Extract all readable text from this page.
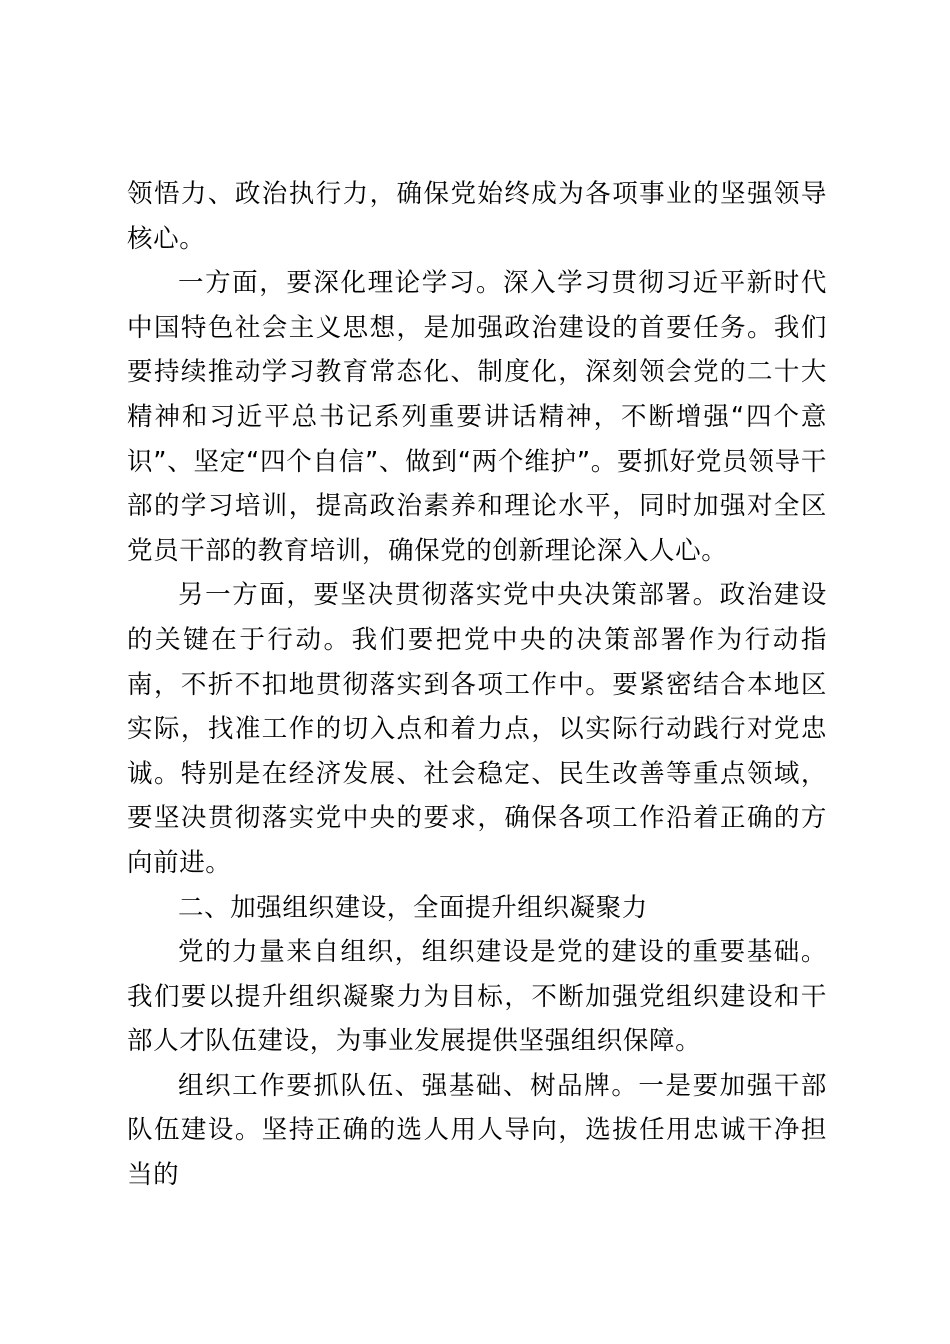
领悟力、政治执行力，确保党始终成为各项事业的坚强领导核心。

一方面，要深化理论学习。深入学习贯彻习近平新时代中国特色社会主义思想，是加强政治建设的首要任务。我们要持续推动学习教育常态化、制度化，深刻领会党的二十大精神和习近平总书记系列重要讲话精神，不断增强“四个意识”、坚定“四个自信”、做到“两个维护”。要抓好党员领导干部的学习培训，提高政治素养和理论水平，同时加强对全区党员干部的教育培训，确保党的创新理论深入人心。

另一方面，要坚决贯彻落实党中央决策部署。政治建设的关键在于行动。我们要把党中央的决策部署作为行动指南，不折不扣地贯彻落实到各项工作中。要紧密结合本地区实际，找准工作的切入点和着力点，以实际行动践行对党忠诚。特别是在经济发展、社会稳定、民生改善等重点领域，要坚决贯彻落实党中央的要求，确保各项工作沿着正确的方向前进。

二、加强组织建设，全面提升组织凝聚力

党的力量来自组织，组织建设是党的建设的重要基础。我们要以提升组织凝聚力为目标，不断加强党组织建设和干部人才队伍建设，为事业发展提供坚强组织保障。

组织工作要抓队伍、强基础、树品牌。一是要加强干部队伍建设。坚持正确的选人用人导向，选拔任用忠诚干净担当的
